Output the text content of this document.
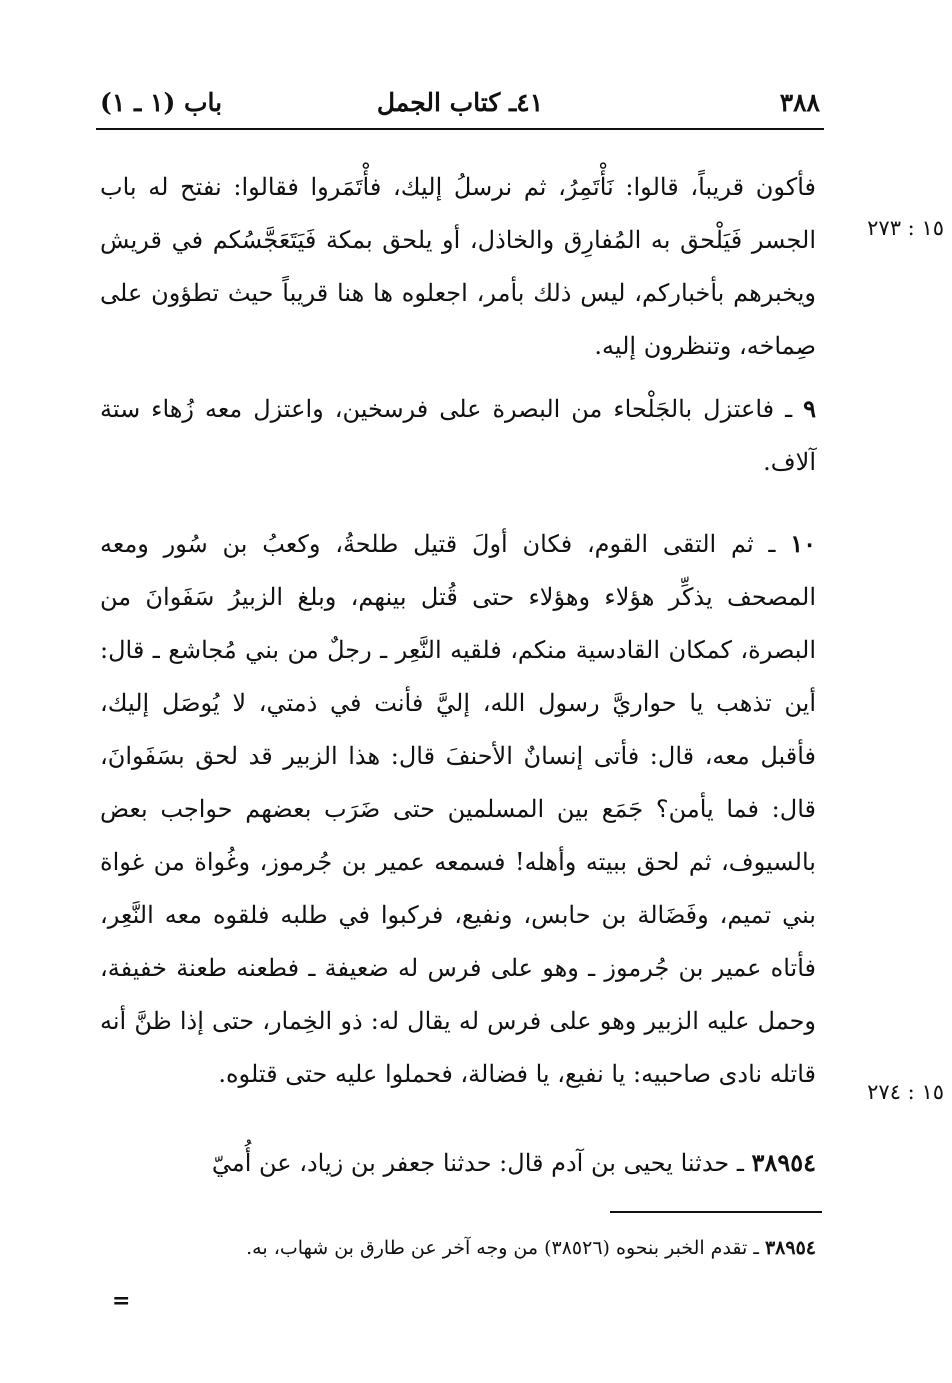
٣٨٨
٤١ـ كتاب الجمل
باب (١ ـ ١)
١٥ : ٢٧٣
١٥ : ٢٧٤

فأكون قريباً، قالوا: نَأْتَمِرُ، ثم نرسلُ إليك، فأْتَمَروا فقالوا: نفتح له باب الجسر فَيَلْحق به المُفارِق والخاذل، أو يلحق بمكة فَيَتَعَجَّسُكم في قريش ويخبرهم بأخباركم، ليس ذلك بأمر، اجعلوه ها هنا قريباً حيث تطؤون على صِماخه، وتنظرون إليه.

٩ ـ فاعتزل بالجَلْحاء من البصرة على فرسخين، واعتزل معه زُهاء ستة آلاف.

١٠ ـ ثم التقى القوم، فكان أولَ قتيل طلحةُ، وكعبُ بن سُور ومعه المصحف يذكِّر هؤلاء وهؤلاء حتى قُتل بينهم، وبلغ الزبيرُ سَفَوانَ من البصرة، كمكان القادسية منكم، فلقيه النَّعِر ـ رجلٌ من بني مُجاشع ـ قال: أين تذهب يا حواريَّ رسول الله، إليَّ فأنت في ذمتي، لا يُوصَل إليك، فأقبل معه، قال: فأتى إنسانٌ الأحنفَ قال: هذا الزبير قد لحق بسَفَوانَ، قال: فما يأمن؟ جَمَع بين المسلمين حتى ضَرَب بعضهم حواجب بعض بالسيوف، ثم لحق ببيته وأهله! فسمعه عمير بن جُرموز، وغُواة من غواة بني تميم، وفَضَالة بن حابس، ونفيع، فركبوا في طلبه فلقوه معه النَّعِر، فأتاه عمير بن جُرموز ـ وهو على فرس له ضعيفة ـ فطعنه طعنة خفيفة، وحمل عليه الزبير وهو على فرس له يقال له: ذو الخِمار، حتى إذا ظنَّ أنه قاتله نادى صاحبيه: يا نفيع، يا فضالة، فحملوا عليه حتى قتلوه.

٣٨٩٥٤ ـ حدثنا يحيى بن آدم قال: حدثنا جعفر بن زياد، عن أُميّ

٣٨٩٥٤ ـ تقدم الخبر بنحوه (٣٨٥٢٦) من وجه آخر عن طارق بن شهاب، به.
=
